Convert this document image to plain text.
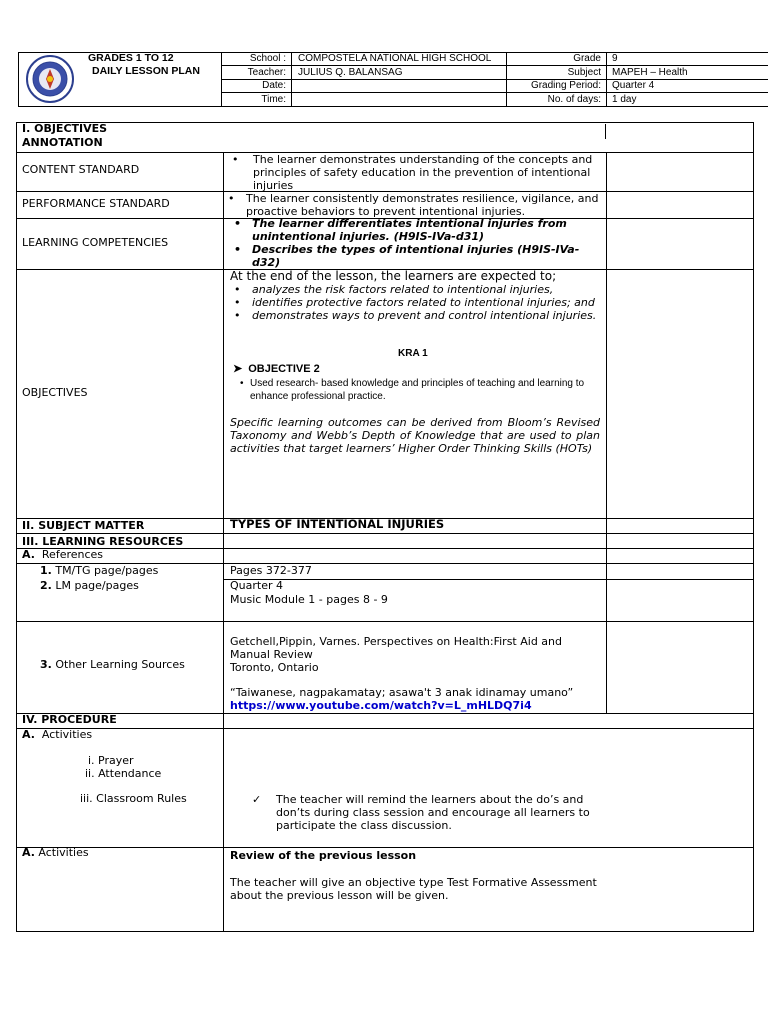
GRADES 1 TO 12
DAILY LESSON PLAN
School : COMPOSTELA NATIONAL HIGH SCHOOL
Teacher: JULIUS Q. BALANSAG
Date:
Time:
Grade 9
Subject MAPEH – Health
Grading Period: Quarter 4
No. of days: 1 day
I. OBJECTIVES
ANNOTATION
CONTENT STANDARD
• The learner demonstrates understanding of the concepts and principles of safety education in the prevention of intentional injuries
PERFORMANCE STANDARD
•	The learner consistently demonstrates resilience, vigilance, and proactive behaviors to prevent intentional injuries.
LEARNING COMPETENCIES
• The learner differentiates intentional injuries from unintentional injuries. (H9IS-IVa-d31)
• Describes the types of intentional injuries (H9IS-IVa-d32)
OBJECTIVES
At the end of the lesson, the learners are expected to;
• analyzes the risk factors related to intentional injuries,
• identifies protective factors related to intentional injuries; and
• demonstrates ways to prevent and control intentional injuries.
KRA 1
➤ OBJECTIVE 2
• Used research- based knowledge and principles of teaching and learning to enhance professional practice.
Specific learning outcomes can be derived from Bloom’s Revised Taxonomy and Webb’s Depth of Knowledge that are used to plan activities that target learners’ Higher Order Thinking Skills (HOTs)
II. SUBJECT MATTER	TYPES OF INTENTIONAL INJURIES
III. LEARNING RESOURCES
A. References
1. TM/TG page/pages	Pages 372-377
2. LM page/pages	Quarter 4
Music Module 1 - pages 8 - 9
3. Other Learning Sources
Getchell,Pippin, Varnes. Perspectives on Health:First Aid and Manual Review
Toronto, Ontario
“Taiwanese, nagpakamatay; asawa't 3 anak idinamay umano”
https://www.youtube.com/watch?v=L_mHLDQ7i4
IV. PROCEDURE
A. Activities
i. Prayer
ii. Attendance
iii. Classroom Rules	✓	The teacher will remind the learners about the do’s and don’ts during class session and encourage all learners to participate the class discussion.
A. Activities	Review of the previous lesson
The teacher will give an objective type Test Formative Assessment about the previous lesson will be given.
